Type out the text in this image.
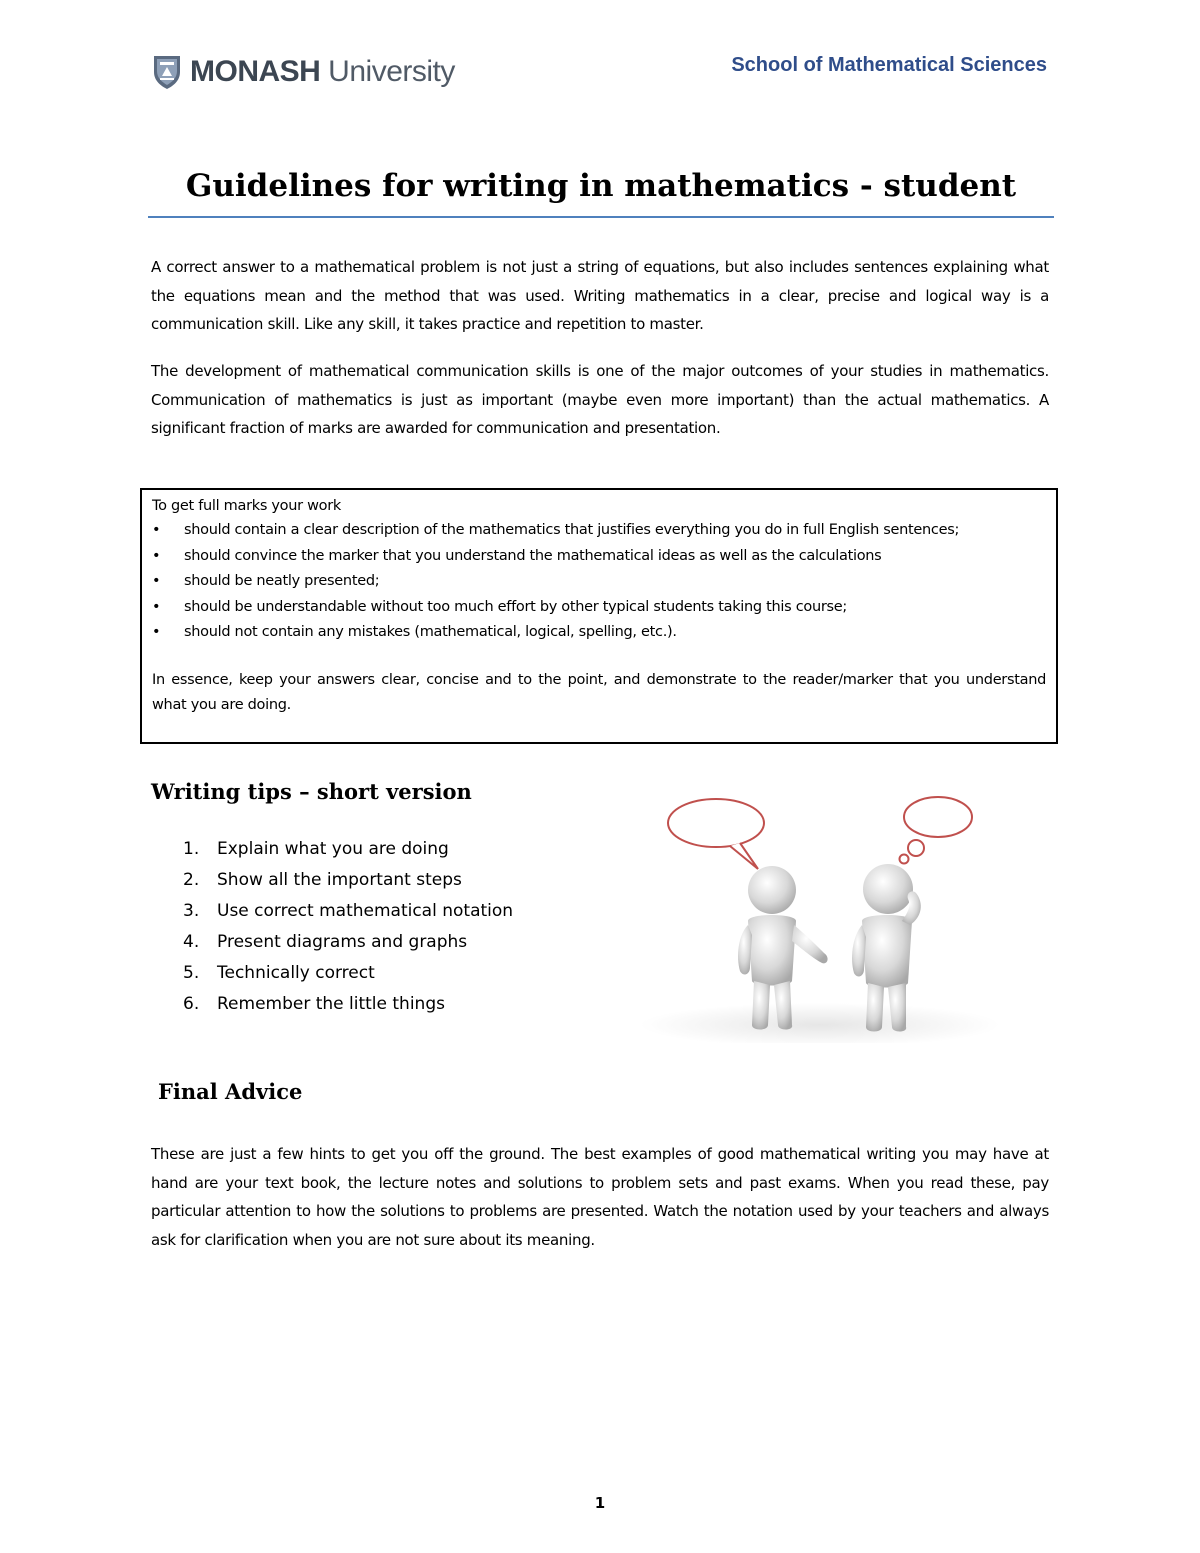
MONASH University	School of Mathematical Sciences
Guidelines for writing in mathematics - student
A correct answer to a mathematical problem is not just a string of equations, but also includes sentences explaining what the equations mean and the method that was used. Writing mathematics in a clear, precise and logical way is a communication skill. Like any skill, it takes practice and repetition to master.
The development of mathematical communication skills is one of the major outcomes of your studies in mathematics. Communication of mathematics is just as important (maybe even more important) than the actual mathematics. A significant fraction of marks are awarded for communication and presentation.
To get full marks your work
•	should contain a clear description of the mathematics that justifies everything you do in full English sentences;
•	should convince the marker that you understand the mathematical ideas as well as the calculations
•	should be neatly presented;
•	should be understandable without too much effort by other typical students taking this course;
•	should not contain any mistakes (mathematical, logical, spelling, etc.).
In essence, keep your answers clear, concise and to the point, and demonstrate to the reader/marker that you understand what you are doing.
Writing tips – short version
1. Explain what you are doing
2. Show all the important steps
3. Use correct mathematical notation
4. Present diagrams and graphs
5. Technically correct
6. Remember the little things
Final Advice
These are just a few hints to get you off the ground. The best examples of good mathematical writing you may have at hand are your text book, the lecture notes and solutions to problem sets and past exams. When you read these, pay particular attention to how the solutions to problems are presented. Watch the notation used by your teachers and always ask for clarification when you are not sure about its meaning.
1
